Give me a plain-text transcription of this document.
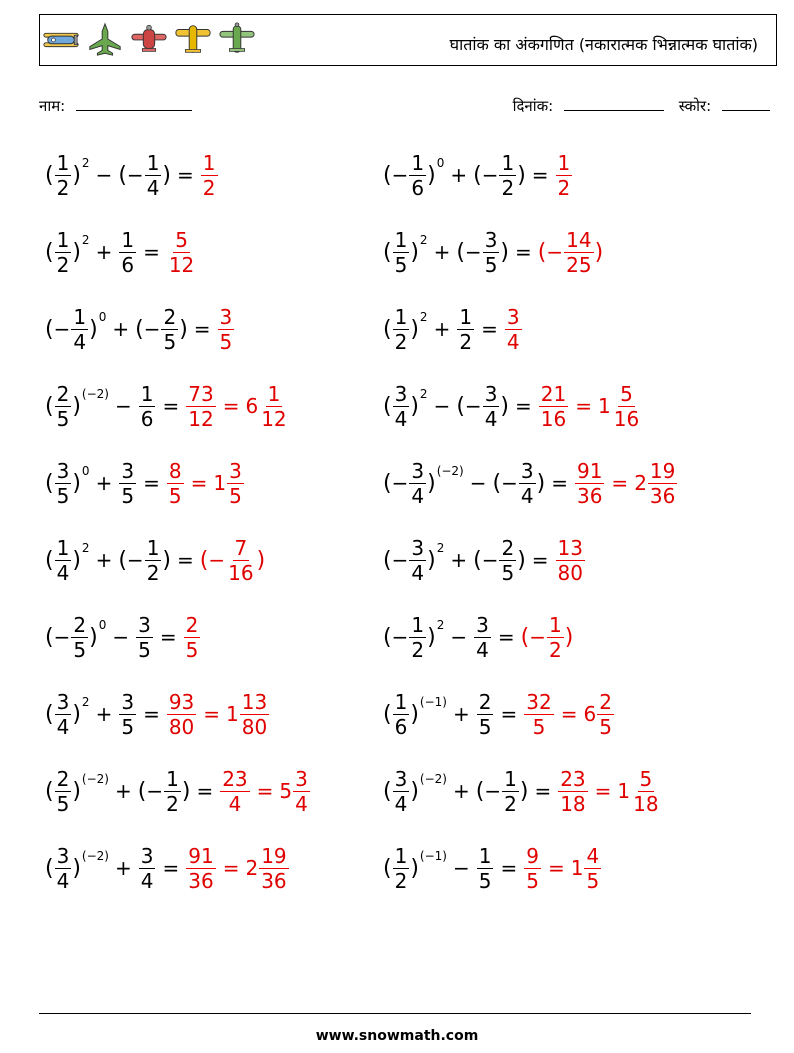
घातांक का अंकगणित (नकारात्मक भिन्नात्मक घातांक)
नाम:	दिनांक:	स्कोर:
( $\frac{1}{2}$ ) 2 − ( − $\frac{1}{4}$ ) = $\frac{1}{2}$	( − $\frac{1}{6}$ ) 0 + ( − $\frac{1}{2}$ ) = $\frac{1}{2}$
( $\frac{1}{2}$ ) $2 + \frac{1}{6} = \frac{5}{12}$	( $\frac{1}{5}$ ) 2 + ( − $\frac{3}{5}$ ) = ( − $\frac{14}{25}$ )
( − $\frac{1}{4}$ ) 0 + ( − $\frac{2}{5}$ ) = $\frac{3}{5}$	( $\frac{1}{2}$ ) $2 + \frac{1}{2} = \frac{3}{4}$
( $\frac{2}{5}$ ) $(-2) - \frac{1}{6} = \frac{73}{12} = 6 \frac{1}{12}$	( $\frac{3}{4}$ ) 2 − ( − $\frac{3}{4}$ ) = $\frac{21}{16} = 1 \frac{5}{16}$
( $\frac{3}{5}$ ) $0 + \frac{3}{5} = \frac{8}{5} = 1 \frac{3}{5}$	( − $\frac{3}{4}$ ) (−2) − ( − $\frac{3}{4}$ ) = $\frac{91}{36} = 2 \frac{19}{36}$
( $\frac{1}{4}$ ) 2 + ( − $\frac{1}{2}$ ) = ( − $\frac{7}{16}$ )	( − $\frac{3}{4}$ ) 2 + ( − $\frac{2}{5}$ ) = $\frac{13}{80}$
( − $\frac{2}{5}$ ) $0 - \frac{3}{5} = \frac{2}{5}$	( − $\frac{1}{2}$ ) $2 - \frac{3}{4}$ = ( − $\frac{1}{2}$ )
( $\frac{3}{4}$ ) $2 + \frac{3}{5} = \frac{93}{80} = 1 \frac{13}{80}$	( $\frac{1}{6}$ ) $(-1) + \frac{2}{5} = \frac{32}{5} = 6 \frac{2}{5}$
( $\frac{2}{5}$ ) (−2) + ( − $\frac{1}{2}$ ) = $\frac{23}{4} = 5 \frac{3}{4}$	( $\frac{3}{4}$ ) (−2) + ( − $\frac{1}{2}$ ) = $\frac{23}{18} = 1 \frac{5}{18}$
( $\frac{3}{4}$ ) $(-2) + \frac{3}{4} = \frac{91}{36} = 2 \frac{19}{36}$	( $\frac{1}{2}$ ) $(-1) - \frac{1}{5} = \frac{9}{5} = 1 \frac{4}{5}$
www.snowmath.com
